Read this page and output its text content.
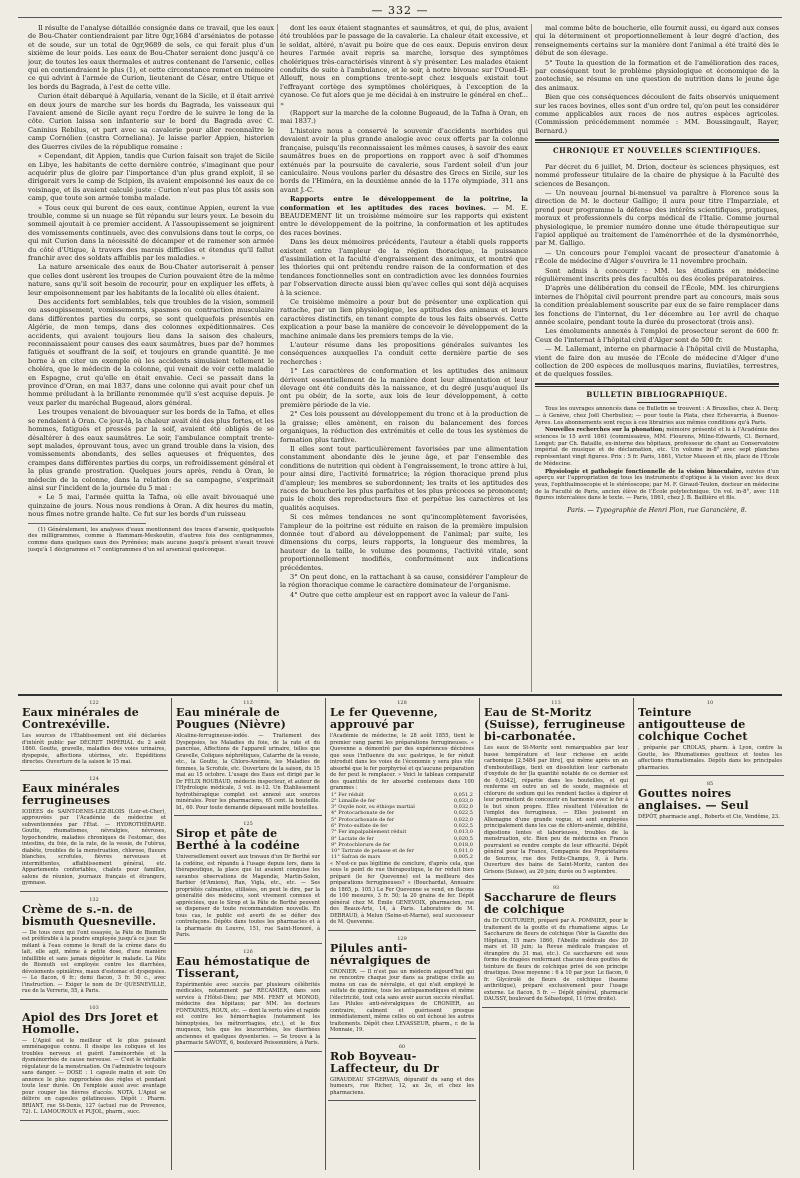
— 332 —

Il résulte de l'analyse détaillée consignée dans ce travail, que les eaux de Bou-Chater contiendraient par litre 0gr,1684 d'arséniates de potasse et de soude, sur un total de 0gr,9689 de sels, ce qui ferait plus d'un sixième de leur poids. Les eaux de Bou-Chater seraient donc jusqu'à ce jour, de toutes les eaux thermales et autres contenant de l'arsenic, celles qui en contiendraient le plus (1), et cette circonstance remet en mémoire ce qui advint à l'armée de Curion, lieutenant de César, entre Utique et les bords du Bagrada, à l'est de cette ville.

Curion était débarqué à Aquilaria, venant de la Sicile, et il était arrivé en deux jours de marche sur les bords du Bagrada, les vaisseaux qui l'avaient amené de Sicile ayant reçu l'ordre de le suivre le long de la côte. Curion laissa son infanterie sur le bord du Bagrada avec C. Caninius Rebilus, et part avec sa cavalerie pour aller reconnaître le camp Cornélien (castra Corneliana). Je laisse parler Appien, historien des Guerres civiles de la république romaine :

« Cependant, dit Appien, tandis que Curion faisait son trajet de Sicile en Libye, les habitants de cette dernière contrée, s'imaginant que pour acquérir plus de gloire par l'importance d'un plus grand exploit, il se dirigerait vers le camp de Scipion, ils avaient empoisonné les eaux de ce voisinage, et ils avaient calculé juste : Curion n'eut pas plus tôt assis son camp, que toute son armée tomba malade.

» Tous ceux qui burent de ces eaux, continue Appien, eurent la vue trouble, comme si un nuage se fût répandu sur leurs yeux. Le besoin du sommeil ajoutait à ce premier accident. A l'assoupissement se joignirent des vomissements continuels, avec des convulsions dans tout le corps, ce qui mit Curion dans la nécessité de décamper et de ramener son armée du côté d'Utique, à travers des marais difficiles et étendus qu'il fallut franchir avec des soldats affaiblis par les maladies. »

La nature arsenicale des eaux de Bou-Chater autoriserait à penser que celles dont usèrent les troupes de Curion pouvaient être de la même nature, sans qu'il soit besoin de recourir, pour en expliquer les effets, à leur empoisonnement par les habitants de la localité où elles étaient.

Des accidents fort semblables, tels que troubles de la vision, sommeil ou assoupissement, vomissements, spasmes ou contraction musculaire dans différentes parties du corps, se sont quelquefois présentés en Algérie, de mon temps, dans des colonnes expéditionnaires. Ces accidents, qui avaient toujours lieu dans la saison des chaleurs, reconnaissaient pour causes des eaux saumâtres, bues par de? hommes fatigués et souffrant de la soif, et toujours en grande quantité. Je me borne à en citer un exemple où les accidents simulaient tellement le choléra, que le médecin de la colonne, qui venait de voir cette maladie en Espagne, crut qu'elle en était envahie. Ceci se passait dans la province d'Oran, en mai 1837, dans une colonne qui avait pour chef un homme préludant à la brillante renommée qu'il s'est acquise depuis. Je veux parler du maréchal Bugeaud, alors général.

Les troupes venaient de bivouaquer sur les bords de la Tafna, et elles se rendaient à Oran. Ce jour-là, la chaleur avait été des plus fortes, et les hommes, fatigués et pressés par la soif, avaient été obligés de se désaltérer à des eaux saumâtres. Le soir, l'ambulance comptait trente-sept malades, éprouvant tous, avec un grand trouble dans la vision, des vomissements abondants, des selles aqueuses et fréquentes, des crampes dans différentes parties du corps, un refroidissement général et la plus grande prostration. Quelques jours après, rendu à Oran, le médecin de la colonne, dans la relation de sa campagne, s'exprimait ainsi sur l'incident de la journée du 5 mai :

« Le 5 mai, l'armée quitta la Tafna, où elle avait bivouaqué une quinzaine de jours. Nous nous rendions à Oran. A dix heures du matin, nous fîmes notre grande halte. Ce fut sur les bords d'un ruisseau

(1) Généralement, les analyses d'eaux mentionnent des traces d'arsenic, quelquefois des milligrammes, comme à Hammam-Meskoutin, d'autres fois des centigrammes, comme dans quelques eaux des Pyrénées; mais aucune jusqu'à présent n'avait trouvé jusqu'à 1 décigramme et 7 centigrammes d'un sel arsenical quelconque.

dont les eaux étaient stagnantes et saumâtres, et qui, de plus, avaient été troublées par le passage de la cavalerie. La chaleur était excessive, et le soldat, altéré, n'avait pu boire que de ces eaux. Depuis environ deux heures l'armée avait repris sa marche, lorsque des symptômes cholériques très-caractérisés vinrent à s'y présenter. Les malades étaient conduits de suite à l'ambulance, et le soir, à notre bivouac sur l'Oued-El-Alleuff, nous en comptions trente-sept chez lesquels existait tout l'effrayant cortège des symptômes cholériques, à l'exception de la cyanose. Ce fut alors que je me décidai à en instruire le général en chef... »

(Rapport sur la marche de la colonne Bugeaud, de la Tafna à Oran, en mai 1837.)

L'histoire nous a conservé le souvenir d'accidents morbides qui devaient avoir la plus grande analogie avec ceux offerts par la colonne française, puisqu'ils reconnaissaient les mêmes causes, à savoir des eaux saumâtres bues en de proportions en rapport avec à soif d'hommes exténués par la poursuite de cavalerie, sous l'ardent soleil d'un jour caniculaire. Nous voulons parler du désastre des Grecs en Sicile, sur les bords de l'Himéra, en la deuxième année de la 117e olympiade, 311 ans avant J.-C.

Rapports entre le développement de la poitrine, la conformation et les aptitudes des races bovines. — M. E. BEAUDEMENT lit un troisième mémoire sur les rapports qui existent entre le développement de la poitrine, la conformation et les aptitudes des races bovines.

Dans les deux mémoires précédents, l'auteur a établi quels rapports existent entre l'ampleur de la région thoracique, la puissance d'assimilation et la faculté d'engraissement des animaux, et montré que les théories qui ont prétendu rendre raison de la conformation et des tendances fonctionnelles sont en contradiction avec les données fournies par l'observation directe aussi bien qu'avec celles qui sont déjà acquises à la science.

Ce troisième mémoire a pour but de présenter une explication qui rattache, par un lien physiologique, les aptitudes des animaux et leurs caractères distinctifs, en tenant compte de tous les faits observés. Cette explication a pour base la manière de concevoir le développement de la machine animale dans les premiers temps de la vie.

L'auteur résume dans les propositions générales suivantes les conséquences auxquelles l'a conduit cette dernière partie de ses recherches :

1° Les caractères de conformation et les aptitudes des animaux dérivent essentiellement de la manière dont leur alimentation et leur élevage ont été conduits dès la naissance, et du degré jusqu'auquel ils ont pu obéir, de la sorte, aux lois de leur développement, à cette première période de la vie.

2° Ces lois poussent au développement du tronc et à la production de la graisse; elles amènent, en raison du balancement des forces organiques, la réduction des extrémités et celle de tous les systèmes de formation plus tardive.

Il elles sont tout particulièrement favorisées par une alimentation constamment abondante dès le jeune âge, et par l'ensemble des conditions de nutrition qui cèdent à l'engraissement, le tronc attire à lui, pour ainsi dire, l'activité formatrice; la région thoracique prend plus d'ampleur; les membres se subordonnent; les traits et les aptitudes des races de boucherie les plus parfaites et les plus précoces se prononcent; puis le choix des reproducteurs fixe et perpétue les caractères et les qualités acquises.

Si ces mêmes tendances ne sont qu'incomplètement favorisées, l'ampleur de la poitrine est réduite en raison de la première impulsion donnée tout d'abord au développement de l'animal; par suite, les dimensions du corps, leurs rapports, la longueur des membres, la hauteur de la taille, le volume des poumons, l'activité vitale, sont proportionnellement modifiés, conformément aux indications précédentes.

3° On peut donc, en la rattachant à sa cause, considérer l'ampleur de la région thoracique comme le caractère dominateur de l'organisme.

4° Outre que cette ampleur est en rapport avec la valeur de l'ani-

mal comme bête de boucherie, elle fournit aussi, eu égard aux conses qui la déterminent et proportionnellement à leur degré d'action, des renseignements certains sur la manière dont l'animal a été traité dès le début de son élevage.

5° Toute la question de la formation et de l'amélioration des races, par conséquent tout le problème physiologique et économique de la zootechnie, se résume en une question de nutrition dans le jeune âge des animaux.

Bien que ces conséquences découlent de faits observés uniquement sur les races bovines, elles sont d'un ordre tel, qu'on peut les considérer comme applicables aux races de nos autres espèces agricoles. (Commission précédemment nommée : MM. Boussingault, Rayer, Bernard.)

CHRONIQUE ET NOUVELLES SCIENTIFIQUES.

Par décret du 6 juillet, M. Drion, docteur ès sciences physiques, est nommé professeur titulaire de la chaire de physique à la Faculté des sciences de Besançon.

— Un nouveau journal bi-mensuel va paraître à Florence sous la direction de M. le docteur Galligo; il aura pour titre l'Imparziale, et prend pour programme la défense des intérêts scientifiques, pratiques, moraux et professionnels du corps médical de l'Italie. Comme journal physiologique, le premier numéro donne une étude thérapeutique sur l'apiol appliqué au traitement de l'aménorrhée et de la dysménorrhée, par M. Galligo.

— Un concours pour l'emploi vacant de prosecteur d'anatomie à l'École de médecine d'Alger s'ouvrira le 11 novembre prochain.

Sont admis à concourir : MM. les étudiants en médecine régulièrement inscrits près des facultés ou des écoles préparatoires.

D'après une délibération du conseil de l'École, MM. les chirurgiens internes de l'hôpital civil pourront prendre part au concours, mais sous la condition préalablement souscrite par eux de se faire remplacer dans les fonctions de l'internat, du 1er décembre au 1er avril de chaque année scolaire, pendant toute la durée du prosectorat (trois ans).

Les émoluments annexés à l'emploi de prosecteur seront de 600 fr. Ceux de l'internat à l'hôpital civil d'Alger sont de 500 fr.

— M. Lallemant, interne en pharmacie à l'hôpital civil de Mustapha, vient de faire don au musée de l'École de médecine d'Alger d'une collection de 200 espèces de mollusques marins, fluviatiles, terrestres, et de quelques fossiles.

BULLETIN BIBLIOGRAPHIQUE.

Tous les ouvrages annoncés dans ce Bulletin se trouvent : A Bruxelles, chez A. Decq; — à Genève, chez Joël Cherbuliez; — pour toute la Plata, chez Echevarria, à Buenos-Ayres. Les abonnements sont reçus à ces librairies aux mêmes conditions qu'à Paris.

Nouvelles recherches sur la phonation; mémoire présenté et lu à l'Académie des sciences le 15 avril 1861 (commissaires, MM. Flourens, Milne-Edwards, Cl. Bernard, Longet; par Ch. Bataille, ex-interne des hôpitaux, professeur de chant au Conservatoire impérial de musique et de déclamation, etc. Un volume in-8° avec sept planches représentant vingt figures. Prix : 5 fr. Paris, 1861, Victor Masson et fils, place de l'École de Médecine.

Physiologie et pathologie fonctionnelle de la vision binoculaire, suivies d'un aperçu sur l'appropriation de tous les instruments d'optique à la vision avec les deux yeux, l'ophthalmoscopie et le stéréoscope; par M. F. Giraud-Teulon, docteur en médecine de la Faculté de Paris, ancien élève de l'École polytechnique. Un vol. in-8°, avec 118 figures intercalées dans le texte. — Paris, 1861, chez J. B. Baillière et fils.

Paris. — Typographie de Henri Plon, rue Garancière, 8.
122
Eaux minérales de Contrexéville.
Les sources de l'Établissement ont été déclarées d'intérêt public par DÉCRET IMPÉRIAL du 2 août 1860. Goutte, gravelle, maladies des voies urinaires, dyspepsie, affections utérines, etc. Expéditions directes. Ouverture de la saison le 15 mai.
124
Eaux minérales ferrugineuses
IODÉES de SAINT-DENIS-LEZ-BLOIS (Loir-et-Cher), approuvées par l'Académie de médecine et subventionnées par l'État. — HYDROTHÉRAPIE. Goutte, rhumatismes, névralgies, névroses, hypochondrie, maladies chroniques de l'estomac, des intestins, du foie, de la rate, de la vessie, de l'utérus, diabète, troubles de la menstruation, chlorose, flueurs blanches, scrofules, fièvres nerveuses et intermittentes, affaiblissement général, etc. Appartements confortables, chalets pour familles, salons de réunion, journaux français et étrangers, gymnase.
132
Crème de s.-n. de bismuth Quesneville.
— De tous ceux qui l'ont essayée, la Pâte de Bismuth est préférable à la poudre employée jusqu'à ce jour. Se mêlant à l'eau comme le ferait de la crème dans du lait, elle agit, même à petite dose, d'une manière infaillible et sans jamais dégoûter le malade. La Pâte de Bismuth est employée contre les diarrhées, dévoiements opiniâtres, maux d'estomac et dyspepsies. — Le flacon, 6 fr.; demi flacon, 3 fr. 50 c., avec l'instruction. — Exiger le nom de Dr QUESNEVILLE, rue de la Verrerie, 55, à Paris.
103
Apiol des Drs Joret et Homolle.
— L'Apiol est le meilleur et le plus puissant emménagogue connu. Il dissipe les coliques et les troubles nerveux et guérit l'aménorrhée et la dysménorrhée de cause nerveuse. — C'est le véritable régulateur de la menstruation. On l'administre toujours sans danger. — DOSE : 1 capsule matin et soir. On annonce le plus rapprochées des règles et pendant toute leur durée. On l'emploie aussi avec avantage pour couper les fièvres d'accès. NOTA. L'Apiol se délivre en capsules gélatineuses. Dépôt : Pharm. BRIANT, rue St-Denis, 127 (actuel rue de Provence, 72). L. LAMOUROUX et PUJOL, pharm., succ.
112
Eau minérale de Pougues (Nièvre)
Alcaline-ferrugineuse-iodée. — Traitement des Dyspepsies, les Maladies du foie, de la rate et du pancréas, Affections de l'appareil urinaire, telles que Gravelle, Coliques néphrétiques, Catarrhe de la vessie, etc., la Goutte, la Chloro-Anémie, les Maladies de femmes, la Scrofule, etc. Ouverture de la saison, du 15 mai au 15 octobre. L'usage des Eaux est dirigé par le Dr FÉLIX ROUBAUD, médecin inspecteur, et auteur de l'Hydrologie médicale, 3 vol. in-12. Un Établissement hydrothérapique complet est annexé aux sources minérales. Pour les pharmaciens, 65 cent. la bouteille. Id., 60. Pour toute demande dépassant mille bouteilles.
125
Sirop et pâte de Berthé à la codéine
Universellement ouvert aux travaux d'un Dr Berthé sur la codéine, est répandu à l'usage depuis lors, dans la thérapeutique, la place que lui avaient conquise les savantes observations de Magendie, Martin-Solon, Barbier (d'Amiens), Ran, Vigla, etc., etc. — Ses propriétés calmantes, utilisées, on peut le dire, par la généralité des médecins, sont vivement connues et appréciées, que le Sirop et la Pâte de Berthé peuvent se dispenser de toute recommandation nouvelle. En tous cas, le public est averti de se défier des contrefaçons. Dépôts dans toutes les pharmacies et à la pharmacie du Louvre, 151, rue Saint-Honoré, à Paris.
126
Eau hémostatique de Tisserant,
Expérimentée avec succès par plusieurs célébrités médicales, notamment par RÉCAMIER, dans son service à l'Hôtel-Dieu; par MM. FEMY et MONOD, médecins des hôpitaux; par MM. les docteurs FONTAINES, ROUX, etc. — dont la vertu sûre et rapide est contre les hémorrhagies (notamment les hémoptysies, les métrorrhagies, etc.), et le flux muqueux, tels que les leucorrhées, les diarrhées anciennes et quelques dysenteries. — Se trouve à la pharmacie SAVOYE, 6, boulevard Poissonnière, à Paris.
128
Le fer Quevenne, approuvé par
l'Académie de médecine, le 28 août 1855, tient le premier rang parmi les préparations ferrugineuses. « Quevenne a démontré par des expériences décisives que sous l'influence du suc gastrique, le fer réduit introduit dans les voies de l'économie y sera plus vite absorbé que le fer porphyrisé et qu'aucune préparation de fer peut le remplacer. » Voici le tableau comparatif des quantités de fer absorbé contenues dans 100 grammes :
1° Fer réduit	0,051,2
2° Limaille de fer	0,033,0
3° Oxyde noir, ou éthiops martial	0,032,0
4° Protocarbonate de fer	0,022,5
5° Protocarbonate de fer	0,022,0
6° Proto-sulfate de fer	0,022,5
7° Fer impalpablement réduit	0,013,0
8° Lactate de fer	0,020,5
9° Protochlorure de fer	0,018,0
10° Tartrate de potasse et de fer	0,011,0
11° Safran de mars	0,005,2
« N'est-ce pas légitime de conclure, d'après cela, que sous le point de vue thérapeutique, le fer réduit bien préparé (le fer Quevenne) est la meilleure des préparations ferrugineuses? » (Bouchardat, Annuaire de 1865, p. 105.) Le Fer Quevenne se vend, en flacons de 100 mesures, 3 fr. 50; la 20 grains de fer. Dépôt général chez M. Émile GENEVOIX, pharmacien, rue des Beaux-Arts, 14, à Paris. Laboratoire de M. DEBRAUD, à Melun (Seine-et-Marne), seul successeur de M. Quevenne.
129
Pilules anti-névralgiques de
CRONIER. — Il n'est pas un médecin aujourd'hui qui ne rencontre chaque jour dans sa pratique civile au moins un cas de névralgie, et qui n'ait employé le sulfate de quinine, tous les antispasmodiques et même l'électricité, tout cela sans avoir aucun succès résultat. Les Pilules anti-névralgiques de CRONIER, au contraire, calment et guérissent presque immédiatement, même celles où ont échoué les autres traitements. Dépôt chez LEVASSEUR, pharm., r. de la Monnaie, 19.
60
Rob Boyveau-Laffecteur, du Dr
GIRAUDEAU ST-GERVAIS, dépuratif du sang et des humeurs, rue Richer, 12, au 2e, et chez les pharmaciens.
113
Eau de St-Moritz (Suisse), ferrugineuse bi-carbonatée.
Les eaux de St-Moritz sont remarquables par leur basse température et leur richesse en acide carbonique [2,5484 par litre], qui même après un an d'embouteillage, tient en dissolution leur carbonate d'oxydule de fer [la quantité notable de ce dernier est de 0,0342], répartie dans les bouteilles, et qui renferme en outre un sel de soude, magnésie et chlorure de sodium qui les rendent faciles à digérer et leur permettent de concourir en harmonie avec le fer à le but sinon propre. Elles résultent l'élévation de l'emploi des ferrugineux. — Elles jouissent en Allemagne d'une grande vogue, et sont employées principalement dans les cas de chloro-anémie, débilité, digestions lentes et laborieuses, troubles de la menstruation, etc. Bien peu de médecins en France pourraient se rendre compte de leur efficacité. Dépôt général pour la France, Compagnie des Propriétaires de Sources, rue des Petits-Champs, 9, à Paris. Ouverture des bains de Saint-Moritz, canton des Grisons (Suisse), au 20 juin; durée ou 5 septembre.
93
Saccharure de fleurs de colchique
du Dr COUTURIER, préparé par A. POMMIER, pour le traitement de la goutte et du rhumatisme aigus. Le Saccharure de fleurs de colchique (Voir la Gazette des Hôpitaux, 15 mars 1860, l'Abeille médicale des 20 mars et 18 juin; la Revue médicale française et étrangère du 31 mai, etc.). Ce saccharure est sous forme de dragées renfermant chacune deux gouttes de teinture de fleurs de colchique privé de son principe drastique. Dose moyenne : 6 à 10 par jour. Le flacon, 6 fr. Glycérolé de fleurs de colchique (baume anthritique), préparé exclusivement pour l'usage externe. Le flacon, 5 fr. — Dépôt général, pharmacie DAUSSY, boulevard de Sébastopol, 11 (rive droite).
10
Teinture antigoutteuse de colchique Cochet
, préparée par CROLAS, pharm. à Lyon, contre la Goutte, les Rhumatismes goutteux et toutes les affections rhumatismales. Dépôts dans les principales pharmacies.
85
Gouttes noires anglaises. — Seul
DÉPÔT, pharmacie angl., Roberts et Cie, Vendôme, 23.
